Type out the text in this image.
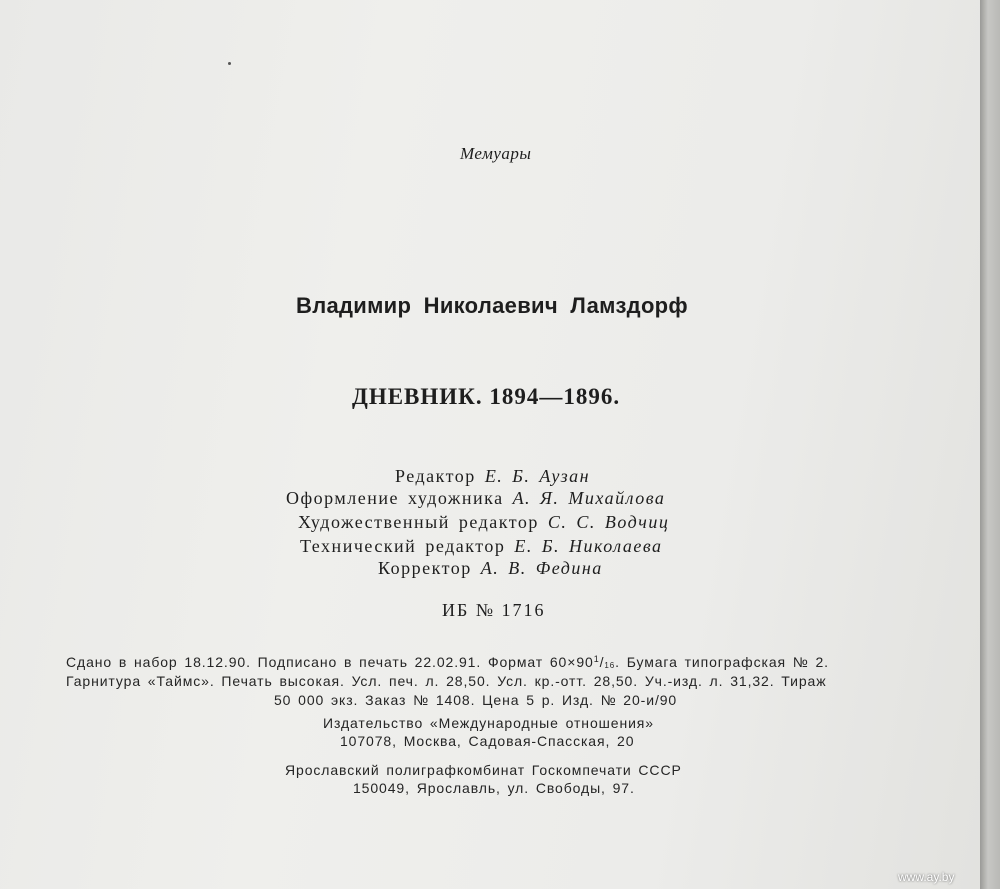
Мемуары

Владимир Николаевич Ламздорф

ДНЕВНИК. 1894—1896.

Редактор Е. Б. Аузан
Оформление художника А. Я. Михайлова
Художественный редактор С. С. Водчиц
Технический редактор Е. Б. Николаева
Корректор А. В. Федина

ИБ № 1716

Сдано в набор 18.12.90. Подписано в печать 22.02.91. Формат $60\times 90^1/_{16}$. Бумага типографская № 2.
Гарнитура «Таймс». Печать высокая. Усл. печ. л. 28,50. Усл. кр.-отт. 28,50. Уч.-изд. л. 31,32. Тираж
50 000 экз. Заказ № 1408. Цена 5 р. Изд. № 20-и/90
Издательство «Международные отношения»
107078, Москва, Садовая-Спасская, 20
Ярославский полиграфкомбинат Госкомпечати СССР
150049, Ярославль, ул. Свободы, 97.
www.ay.by
